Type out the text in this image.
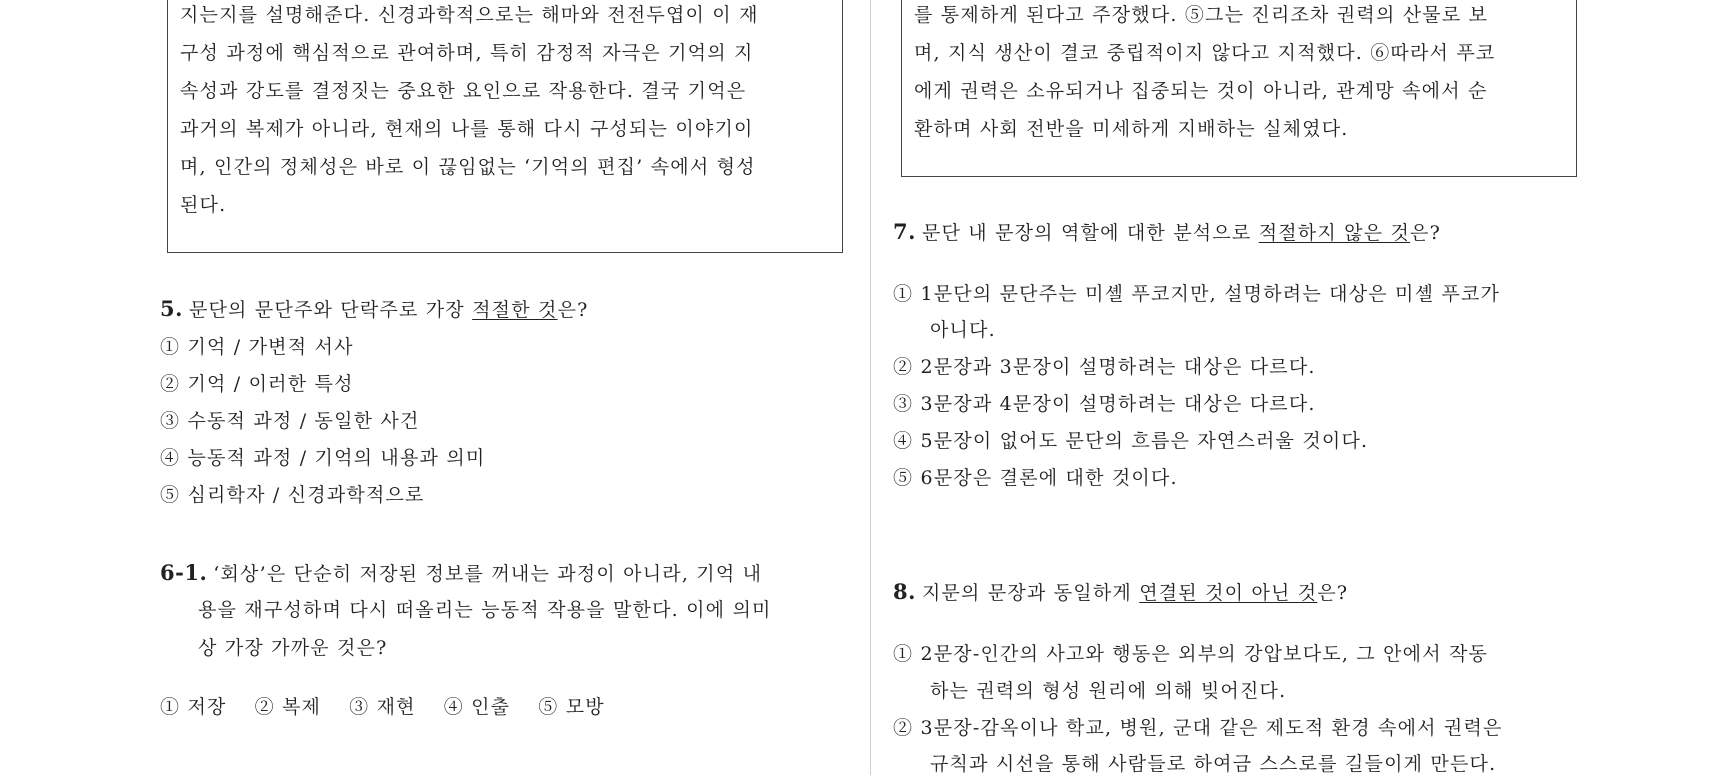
지는지를 설명해준다. 신경과학적으로는 해마와 전전두엽이 이 재
구성 과정에 핵심적으로 관여하며, 특히 감정적 자극은 기억의 지
속성과 강도를 결정짓는 중요한 요인으로 작용한다. 결국 기억은
과거의 복제가 아니라, 현재의 나를 통해 다시 구성되는 이야기이
며, 인간의 정체성은 바로 이 끊임없는 ‘기억의 편집’ 속에서 형성
된다.
를 통제하게 된다고 주장했다. ⑤그는 진리조차 권력의 산물로 보
며, 지식 생산이 결코 중립적이지 않다고 지적했다. ⑥따라서 푸코
에게 권력은 소유되거나 집중되는 것이 아니라, 관계망 속에서 순
환하며 사회 전반을 미세하게 지배하는 실체였다.
5. 문단의 문단주와 단락주로 가장 적절한 것은?
① 기억 / 가변적 서사
② 기억 / 이러한 특성
③ 수동적 과정 / 동일한 사건
④ 능동적 과정 / 기억의 내용과 의미
⑤ 심리학자 / 신경과학적으로
6-1. ‘회상’은 단순히 저장된 정보를 꺼내는 과정이 아니라, 기억 내
용을 재구성하며 다시 떠올리는 능동적 작용을 말한다. 이에 의미
상 가장 가까운 것은?
① 저장 ② 복제 ③ 재현 ④ 인출 ⑤ 모방
7. 문단 내 문장의 역할에 대한 분석으로 적절하지 않은 것은?
① 1문단의 문단주는 미셸 푸코지만, 설명하려는 대상은 미셸 푸코가
아니다.
② 2문장과 3문장이 설명하려는 대상은 다르다.
③ 3문장과 4문장이 설명하려는 대상은 다르다.
④ 5문장이 없어도 문단의 흐름은 자연스러울 것이다.
⑤ 6문장은 결론에 대한 것이다.
8. 지문의 문장과 동일하게 연결된 것이 아닌 것은?
① 2문장-인간의 사고와 행동은 외부의 강압보다도, 그 안에서 작동
하는 권력의 형성 원리에 의해 빚어진다.
② 3문장-감옥이나 학교, 병원, 군대 같은 제도적 환경 속에서 권력은
규칙과 시선을 통해 사람들로 하여금 스스로를 길들이게 만든다.
